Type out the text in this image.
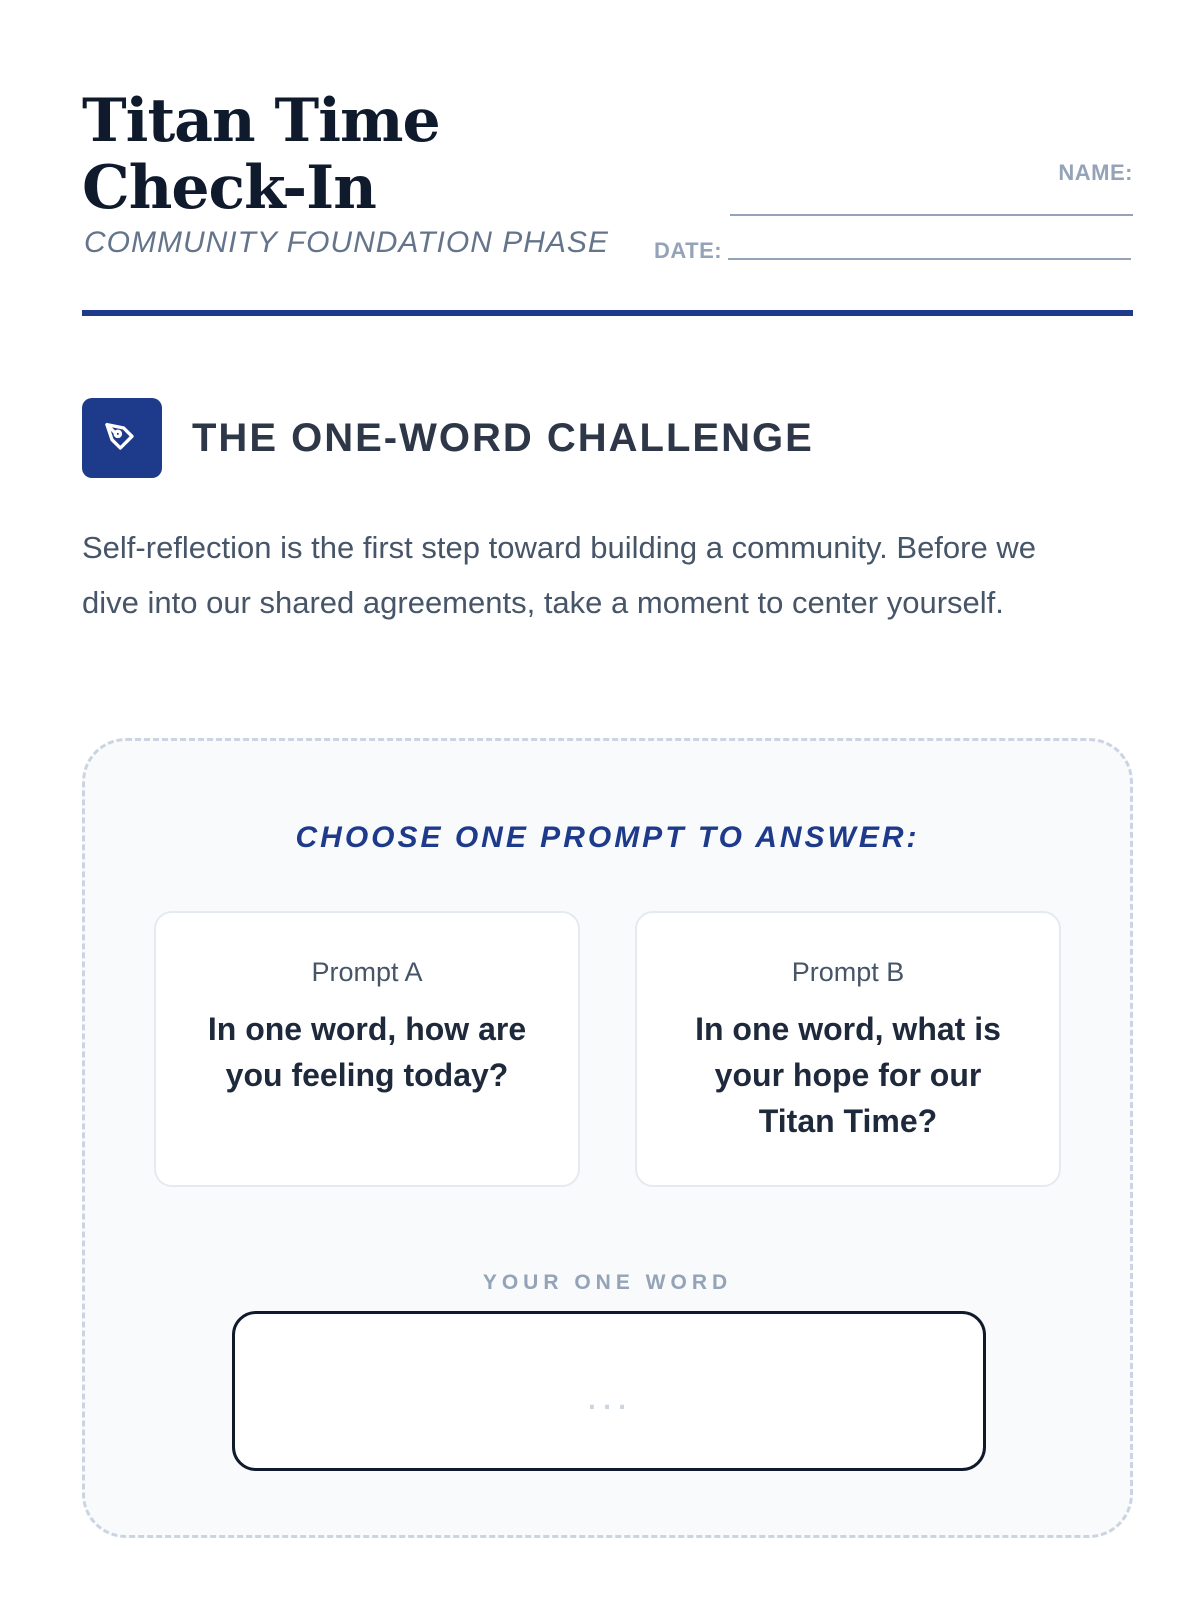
Titan Time Check-In
COMMUNITY FOUNDATION PHASE
NAME:
DATE:
THE ONE-WORD CHALLENGE

Self-reflection is the first step toward building a community. Before we dive into our shared agreements, take a moment to center yourself.

CHOOSE ONE PROMPT TO ANSWER:
Prompt A
In one word, how are you feeling today?
Prompt B
In one word, what is your hope for our Titan Time?
YOUR ONE WORD
...
